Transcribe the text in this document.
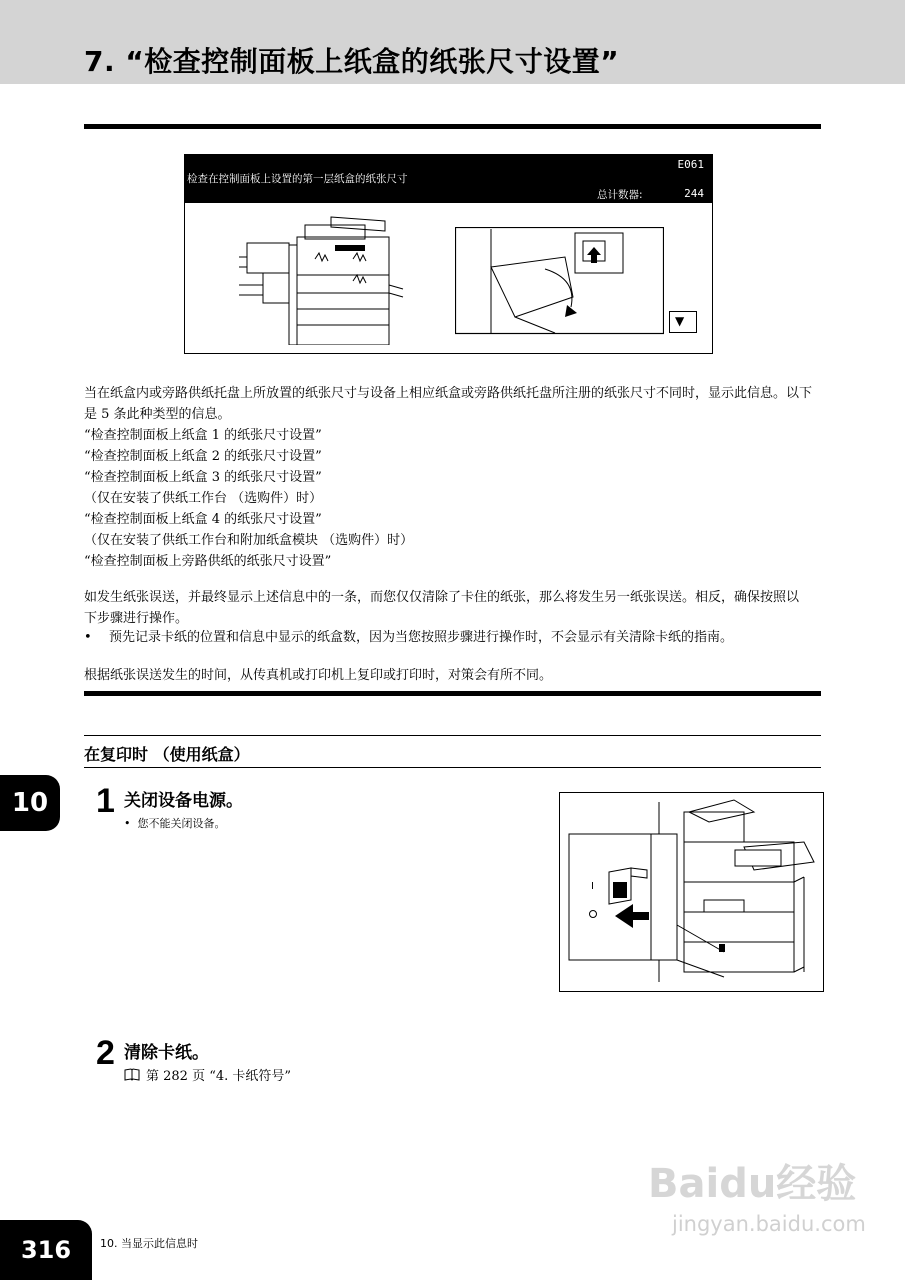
7. “检查控制面板上纸盒的纸张尺寸设置”
E061
检查在控制面板上设置的第一层纸盒的纸张尺寸
总计数器:	244
▼
当在纸盒内或旁路供纸托盘上所放置的纸张尺寸与设备上相应纸盒或旁路供纸托盘所注册的纸张尺寸不同时，显示此信息。以下是 5 条此种类型的信息。
“检查控制面板上纸盒 1 的纸张尺寸设置”
“检查控制面板上纸盒 2 的纸张尺寸设置”
“检查控制面板上纸盒 3 的纸张尺寸设置”
（仅在安装了供纸工作台 （选购件）时）
“检查控制面板上纸盒 4 的纸张尺寸设置”
（仅在安装了供纸工作台和附加纸盒模块 （选购件）时）
“检查控制面板上旁路供纸的纸张尺寸设置”
如发生纸张误送，并最终显示上述信息中的一条，而您仅仅清除了卡住的纸张，那么将发生另一纸张误送。相反，确保按照以下步骤进行操作。
•	预先记录卡纸的位置和信息中显示的纸盒数，因为当您按照步骤进行操作时，不会显示有关清除卡纸的指南。
根据纸张误送发生的时间，从传真机或打印机上复印或打印时，对策会有所不同。
在复印时 （使用纸盒）
10	1 关闭设备电源。
•  您不能关闭设备。
I
2 清除卡纸。
第 282 页 “4. 卡纸符号”
Baidu经验
jingyan.baidu.com
316	10. 当显示此信息时
